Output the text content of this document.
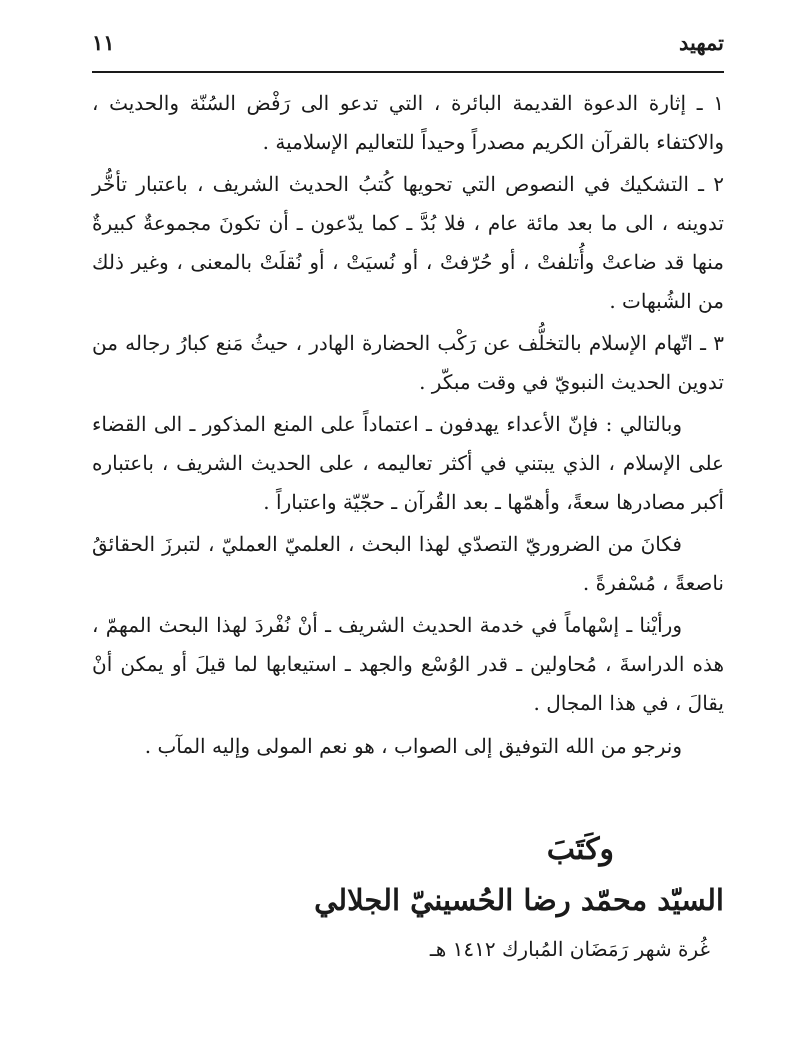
تمهيد
١١

١ ـ إثارة الدعوة القديمة البائرة ، التي تدعو الى رَفْض السُنّة والحديث ، والاكتفاء بالقرآن الكريم مصدراً وحيداً للتعاليم الإسلامية .

٢ ـ التشكيك في النصوص التي تحويها كُتبُ الحديث الشريف ، باعتبار تأخُّر تدوينه ، الى ما بعد مائة عام ، فلا بُدَّ ـ كما يدّعون ـ أن تكونَ مجموعةٌ كبيرةٌ منها قد ضاعتْ وأُتلفتْ ، أو حُرّفتْ ، أو نُسيَتْ ، أو نُقلَتْ بالمعنى ، وغير ذلك من الشُبهات .

٣ ـ اتّهام الإسلام بالتخلُّف عن رَكْب الحضارة الهادر ، حيثُ مَنع كبارُ رجاله من تدوين الحديث النبويّ في وقت مبكّر .

وبالتالي : فإنّ الأعداء يهدفون ـ اعتماداً على المنع المذكور ـ الى القضاء على الإسلام ، الذي يبتني في أكثر تعاليمه ، على الحديث الشريف ، باعتباره أكبر مصادرها سعةً، وأهمّها ـ بعد القُرآن ـ حجّيّة واعتباراً .

فكانَ من الضروريّ التصدّي لهذا البحث ، العلميّ العمليّ ، لتبرزَ الحقائقُ ناصعةً ، مُسْفرةً .

ورأيْنا ـ إسْهاماً في خدمة الحديث الشريف ـ أنْ نُفْردَ لهذا البحث المهمّ ، هذه الدراسةَ ، مُحاولين ـ قدر الوُسْع والجهد ـ استيعابها لما قيلَ أو يمكن أنْ يقالَ ، في هذا المجال .

ونرجو من الله التوفيق إلى الصواب ، هو نعم المولى وإليه المآب .

وكَتَبَ
السيّد محمّد رضا الحُسينيّ الجلالي
غُرة شهر رَمَضَان المُبارك ١٤١٢ هـ
